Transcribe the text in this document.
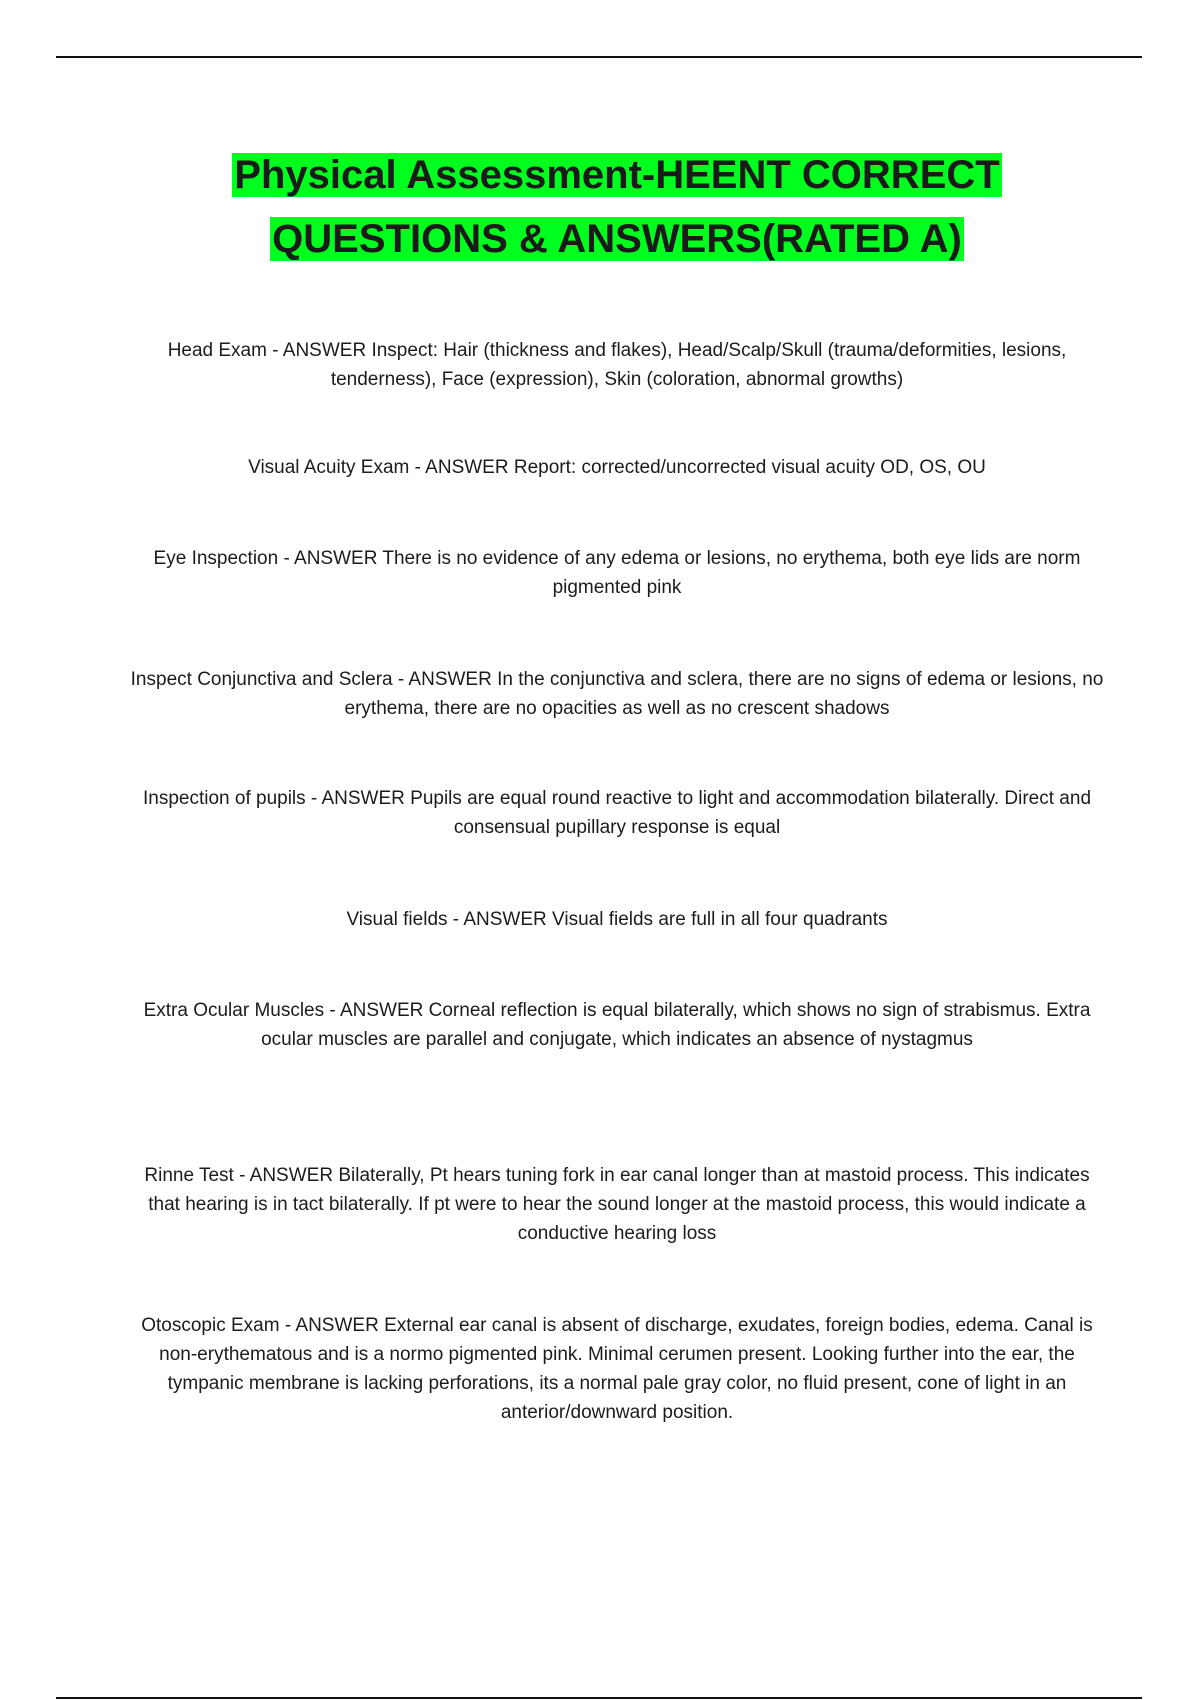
Physical Assessment-HEENT CORRECT
QUESTIONS & ANSWERS(RATED A)

Head Exam - ANSWER Inspect: Hair (thickness and flakes), Head/Scalp/Skull (trauma/deformities, lesions, tenderness), Face (expression), Skin (coloration, abnormal growths)

Visual Acuity Exam - ANSWER Report: corrected/uncorrected visual acuity OD, OS, OU

Eye Inspection - ANSWER There is no evidence of any edema or lesions, no erythema, both eye lids are norm pigmented pink

Inspect Conjunctiva and Sclera - ANSWER In the conjunctiva and sclera, there are no signs of edema or lesions, no erythema, there are no opacities as well as no crescent shadows

Inspection of pupils - ANSWER Pupils are equal round reactive to light and accommodation bilaterally. Direct and consensual pupillary response is equal

Visual fields - ANSWER Visual fields are full in all four quadrants

Extra Ocular Muscles - ANSWER Corneal reflection is equal bilaterally, which shows no sign of strabismus. Extra ocular muscles are parallel and conjugate, which indicates an absence of nystagmus

Rinne Test - ANSWER Bilaterally, Pt hears tuning fork in ear canal longer than at mastoid process. This indicates that hearing is in tact bilaterally. If pt were to hear the sound longer at the mastoid process, this would indicate a conductive hearing loss

Otoscopic Exam - ANSWER External ear canal is absent of discharge, exudates, foreign bodies, edema. Canal is non-erythematous and is a normo pigmented pink. Minimal cerumen present. Looking further into the ear, the tympanic membrane is lacking perforations, its a normal pale gray color, no fluid present, cone of light in an anterior/downward position.
